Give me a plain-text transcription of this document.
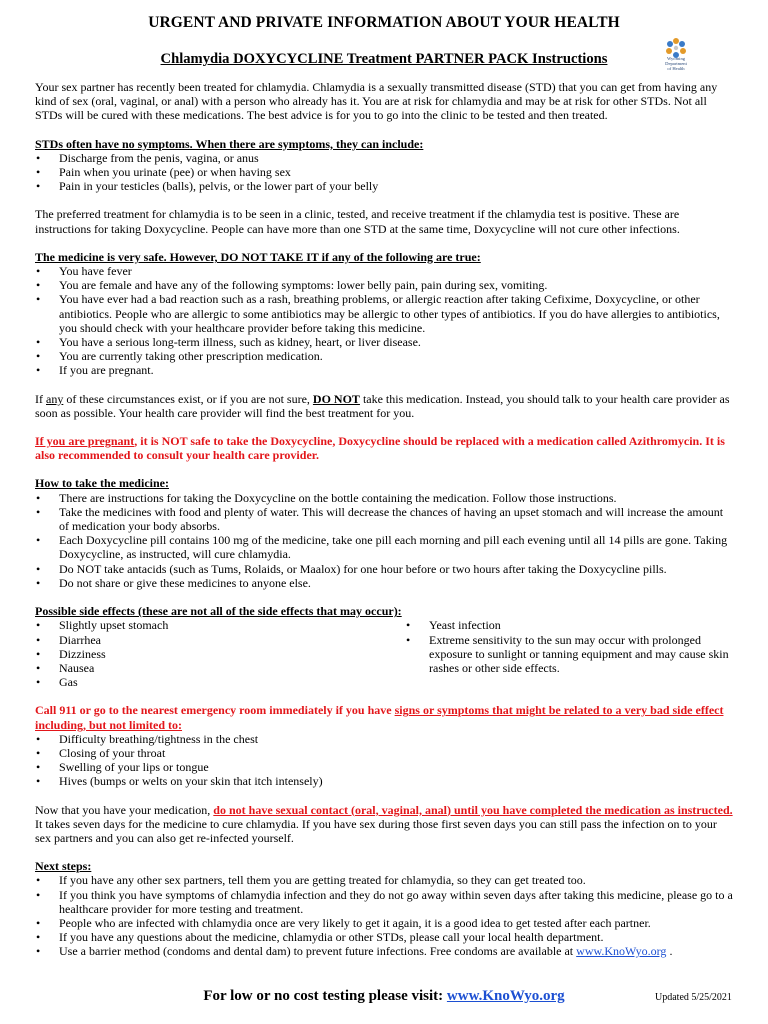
URGENT AND PRIVATE INFORMATION ABOUT YOUR HEALTH
Chlamydia DOXYCYCLINE Treatment PARTNER PACK Instructions	Wyoming
Department
of Health

Your sex partner has recently been treated for chlamydia. Chlamydia is a sexually transmitted disease (STD) that you can get from having any kind of sex (oral, vaginal, or anal) with a person who already has it. You are at risk for chlamydia and may be at risk for other STDs. Not all STDs will be cured with these medications. The best advice is for you to go into the clinic to be tested and then treated.

STDs often have no symptoms. When there are symptoms, they can include:

• Discharge from the penis, vagina, or anus
• Pain when you urinate (pee) or when having sex
• Pain in your testicles (balls), pelvis, or the lower part of your belly

The preferred treatment for chlamydia is to be seen in a clinic, tested, and receive treatment if the chlamydia test is positive. These are instructions for taking Doxycycline. People can have more than one STD at the same time, Doxycycline will not cure other infections.

The medicine is very safe. However, DO NOT TAKE IT if any of the following are true:

• You have fever
• You are female and have any of the following symptoms: lower belly pain, pain during sex, vomiting.
• You have ever had a bad reaction such as a rash, breathing problems, or allergic reaction after taking Cefixime, Doxycycline, or other antibiotics. People who are allergic to some antibiotics may be allergic to other types of antibiotics. If you do have allergies to antibiotics, you should check with your healthcare provider before taking this medicine.
• You have a serious long-term illness, such as kidney, heart, or liver disease.
• You are currently taking other prescription medication.
• If you are pregnant.

If any of these circumstances exist, or if you are not sure, DO NOT take this medication. Instead, you should talk to your health care provider as soon as possible. Your health care provider will find the best treatment for you.

If you are pregnant, it is NOT safe to take the Doxycycline, Doxycycline should be replaced with a medication called Azithromycin. It is also recommended to consult your health care provider.

How to take the medicine:

• There are instructions for taking the Doxycycline on the bottle containing the medication. Follow those instructions.
• Take the medicines with food and plenty of water. This will decrease the chances of having an upset stomach and will increase the amount of medication your body absorbs.
• Each Doxycycline pill contains 100 mg of the medicine, take one pill each morning and pill each evening until all 14 pills are gone. Taking Doxycycline, as instructed, will cure chlamydia.
• Do NOT take antacids (such as Tums, Rolaids, or Maalox) for one hour before or two hours after taking the Doxycycline pills.
• Do not share or give these medicines to anyone else.

Possible side effects (these are not all of the side effects that may occur):

• Slightly upset stomach
• Diarrhea
• Dizziness
• Nausea
• Gas
• Yeast infection
• Extreme sensitivity to the sun may occur with prolonged exposure to sunlight or tanning equipment and may cause skin rashes or other side effects.

Call 911 or go to the nearest emergency room immediately if you have signs or symptoms that might be related to a very bad side effect including, but not limited to:

• Difficulty breathing/tightness in the chest
• Closing of your throat
• Swelling of your lips or tongue
• Hives (bumps or welts on your skin that itch intensely)

Now that you have your medication, do not have sexual contact (oral, vaginal, anal) until you have completed the medication as instructed. It takes seven days for the medicine to cure chlamydia. If you have sex during those first seven days you can still pass the infection on to your sex partners and you can also get re-infected yourself.

Next steps:

• If you have any other sex partners, tell them you are getting treated for chlamydia, so they can get treated too.
• If you think you have symptoms of chlamydia infection and they do not go away within seven days after taking this medicine, please go to a healthcare provider for more testing and treatment.
• People who are infected with chlamydia once are very likely to get it again, it is a good idea to get tested after each partner.
• If you have any questions about the medicine, chlamydia or other STDs, please call your local health department.
• Use a barrier method (condoms and dental dam) to prevent future infections. Free condoms are available at www.KnoWyo.org .
For low or no cost testing please visit: www.KnoWyo.org	Updated 5/25/2021
